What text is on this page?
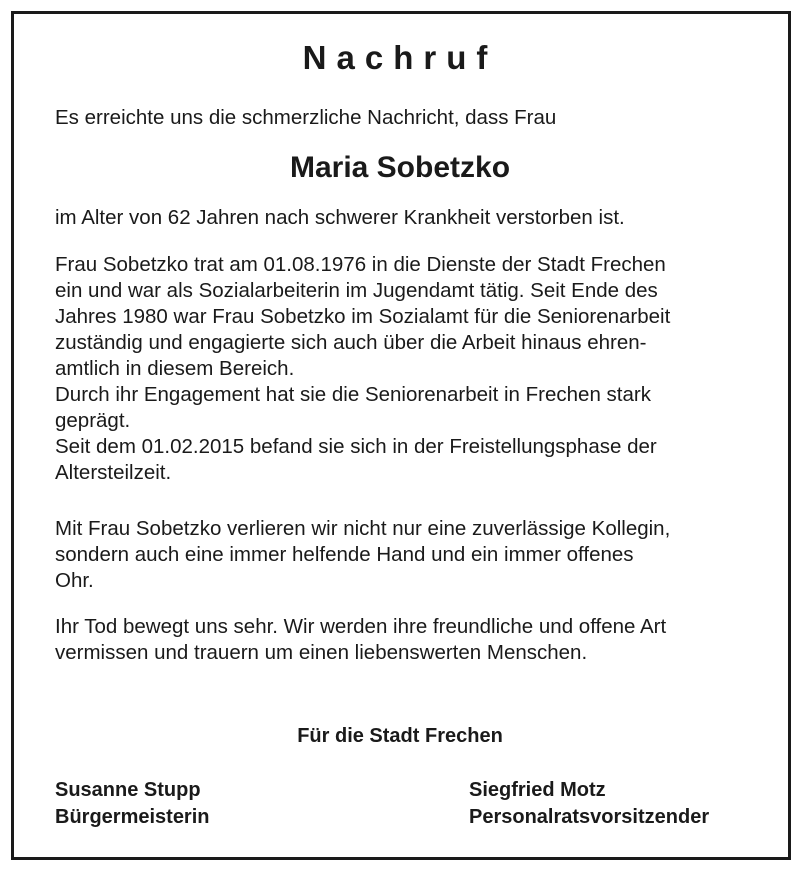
Nachruf
Es erreichte uns die schmerzliche Nachricht, dass Frau
Maria Sobetzko
im Alter von 62 Jahren nach schwerer Krankheit verstorben ist.
Frau Sobetzko trat am 01.08.1976 in die Dienste der Stadt Frechen
ein und war als Sozialarbeiterin im Jugendamt tätig. Seit Ende des
Jahres 1980 war Frau Sobetzko im Sozialamt für die Seniorenarbeit
zuständig und engagierte sich auch über die Arbeit hinaus ehren-
amtlich in diesem Bereich.
Durch ihr Engagement hat sie die Seniorenarbeit in Frechen stark
geprägt.
Seit dem 01.02.2015 befand sie sich in der Freistellungsphase der
Altersteilzeit.
Mit Frau Sobetzko verlieren wir nicht nur eine zuverlässige Kollegin,
sondern auch eine immer helfende Hand und ein immer offenes
Ohr.
Ihr Tod bewegt uns sehr. Wir werden ihre freundliche und offene Art
vermissen und trauern um einen liebenswerten Menschen.
Für die Stadt Frechen
Susanne Stupp
Bürgermeisterin
Siegfried Motz
Personalratsvorsitzender
